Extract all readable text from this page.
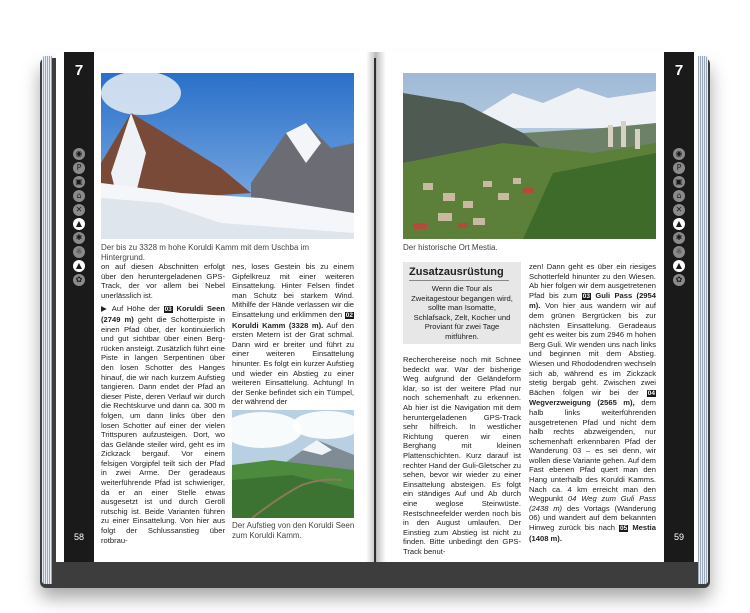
7
◉
P
▣
⌂
✕
▲
✱
☼
▲
✿
58
Der bis zu 3328 m hohe Koruldi Kamm mit dem Uschba im Hintergrund.

on auf diesen Abschnitten erfolgt über den heruntergeladenen GPS-Track, der vor allem bei Nebel unerlässlich ist.

▶ Auf Höhe der 03 Koruldi Seen (2749 m) geht die Schotterpiste in einen Pfad über, der kontinuierlich und gut sichtbar über einen Bergrücken ansteigt. Zusätzlich führt eine Piste in langen Serpentinen über den losen Schotter des Hanges hinauf, die wir nach kurzem Aufstieg tangieren. Dann endet der Pfad an dieser Piste, deren Verlauf wir durch die Rechtskurve und dann ca. 300 m folgen, um dann links über den losen Schotter auf einer der vielen Trittspuren aufzusteigen. Dort, wo das Gelände steiler wird, geht es im Zickzack bergauf. Vor einem felsigen Vorgipfel teilt sich der Pfad in zwei Arme. Der geradeaus weiterführende Pfad ist schwieriger, da er an einer Stelle etwas ausgesetzt ist und durch Geröll rutschig ist. Beide Varianten führen zu einer Einsattelung. Von hier aus folgt der Schlussanstieg über rotbrau-

nes, loses Gestein bis zu einem Gipfelkreuz mit einer weiteren Einsattelung. Hinter Felsen findet man Schutz bei starkem Wind. Mithilfe der Hände verlassen wir die Einsattelung und erklimmen den 02 Koruldi Kamm (3328 m). Auf den ersten Metern ist der Grat schmal. Dann wird er breiter und führt zu einer weiteren Einsattelung hinunter. Es folgt ein kurzer Aufstieg und wieder ein Abstieg zu einer weiteren Einsattelung. Achtung! In der Senke befindet sich ein Tümpel, der während der

Der Aufstieg von den Koruldi Seen zum Koruldi Kamm.
7
◉
P
▣
⌂
✕
▲
✱
☼
▲
✿
59
Der historische Ort Mestia.
Zusatzausrüstung
Wenn die Tour als Zweitagestour begangen wird, sollte man Isomatte, Schlafsack, Zelt, Kocher und Proviant für zwei Tage mitführen.
Recherchereise noch mit Schnee bedeckt war. War der bisherige Weg aufgrund der Geländeform klar, so ist der weitere Pfad nur noch schemenhaft zu erkennen. Ab hier ist die Navigation mit dem heruntergeladenen GPS-Track sehr hilfreich. In westlicher Richtung queren wir einen Berghang mit kleinen Plattenschichten. Kurz darauf ist rechter Hand der Guli-Gletscher zu sehen, bevor wir wieder zu einer Einsattelung absteigen. Es folgt ein ständiges Auf und Ab durch eine weglose Steinwüste. Restschneefelder werden noch bis in den August umlaufen. Der Einstieg zum Abstieg ist nicht zu finden. Bitte unbedingt den GPS-Track benut-

zen! Dann geht es über ein riesiges Schotterfeld hinunter zu den Wiesen. Ab hier folgen wir dem ausgetretenen Pfad bis zum 03 Guli Pass (2954 m). Von hier aus wandern wir auf dem grünen Bergrücken bis zur nächsten Einsattelung. Geradeaus geht es weiter bis zum 2946 m hohen Berg Guli. Wir wenden uns nach links und beginnen mit dem Abstieg. Wiesen und Rhododendren wechseln sich ab, während es im Zickzack stetig bergab geht. Zwischen zwei Bächen folgen wir bei der 04 Wegverzweigung (2565 m), dem halb links weiterführenden ausgetretenen Pfad und nicht dem halb rechts abzweigenden, nur schemenhaft erkennbaren Pfad der Wanderung 03 – es sei denn, wir wollen diese Variante gehen. Auf dem Fast ebenen Pfad quert man den Hang unterhalb des Koruldi Kamms. Nach ca. 4 km erreicht man den Wegpunkt 04 Weg zum Guli Pass (2438 m) des Vortags (Wanderung 06) und wandert auf dem bekannten Hinweg zurück bis nach 05 Mestia (1408 m).
